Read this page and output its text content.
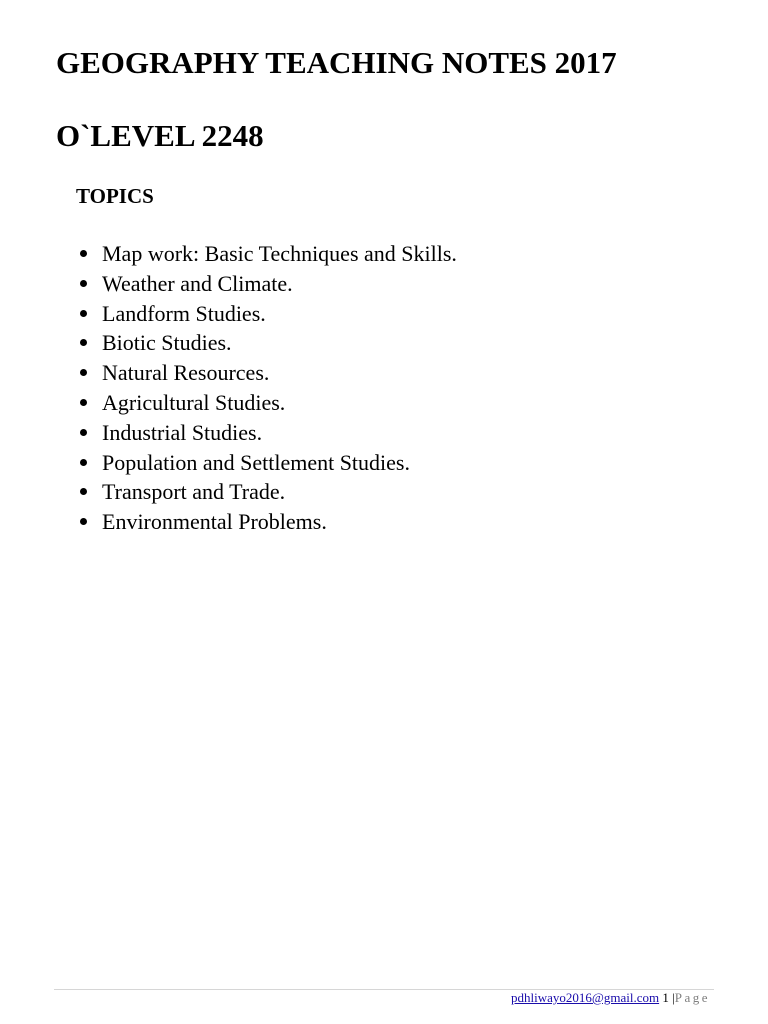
GEOGRAPHY TEACHING NOTES 2017
O`LEVEL 2248
TOPICS
Map work: Basic Techniques and Skills.
Weather and Climate.
Landform Studies.
Biotic Studies.
Natural Resources.
Agricultural Studies.
Industrial Studies.
Population and Settlement Studies.
Transport and Trade.
Environmental Problems.
pdhliwayo2016@gmail.com 1 |Page
